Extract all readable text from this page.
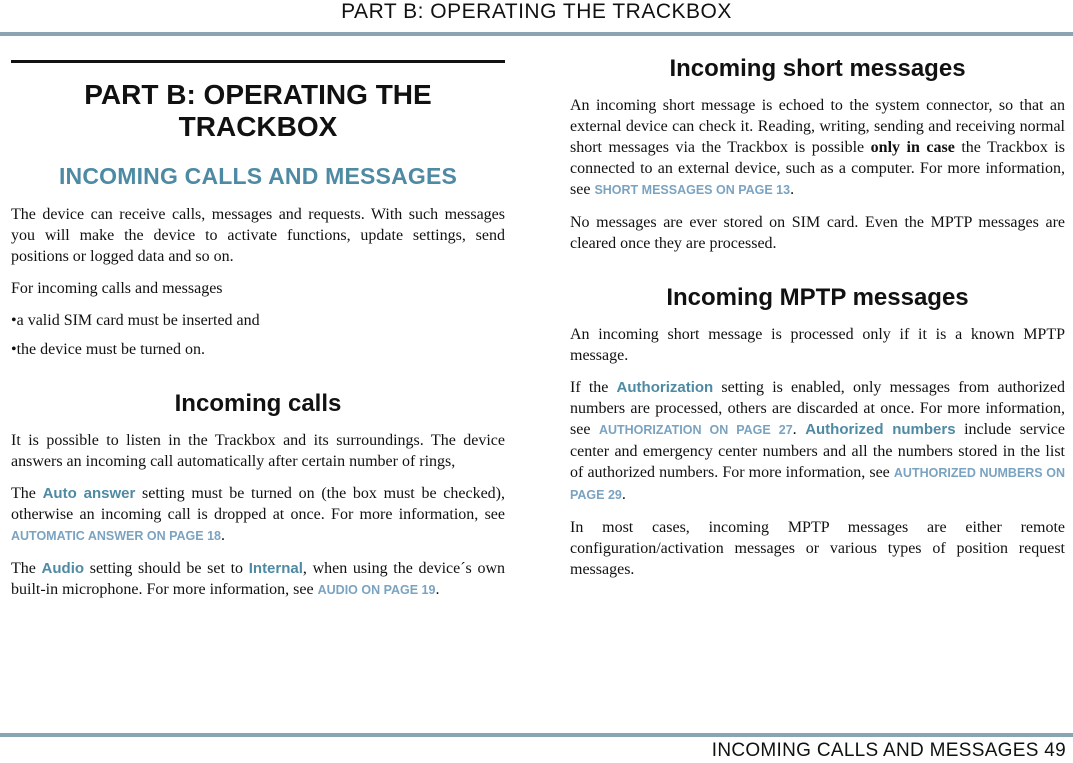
PART B: OPERATING THE TRACKBOX
PART B: OPERATING THE TRACKBOX
INCOMING CALLS AND MESSAGES

The device can receive calls, messages and requests. With such messages you will make the device to activate functions, update settings, send positions or logged data and so on.

For incoming calls and messages

•a valid SIM card must be inserted and

•the device must be turned on.

Incoming calls

It is possible to listen in the Trackbox and its surroundings. The device answers an incoming call automatically after certain number of rings,

The Auto answer setting must be turned on (the box must be checked), otherwise an incoming call is dropped at once. For more information, see AUTOMATIC ANSWER ON PAGE 18.

The Audio setting should be set to Internal, when using the device´s own built-in microphone. For more information, see AUDIO ON PAGE 19.

Incoming short messages

An incoming short message is echoed to the system connector, so that an external device can check it. Reading, writing, sending and receiving normal short messages via the Trackbox is possible only in case the Trackbox is connected to an external device, such as a computer. For more information, see SHORT MESSAGES ON PAGE 13.

No messages are ever stored on SIM card. Even the MPTP messages are cleared once they are processed.

Incoming MPTP messages

An incoming short message is processed only if it is a known MPTP message.

If the Authorization setting is enabled, only messages from authorized numbers are processed, others are discarded at once. For more information, see AUTHORIZATION ON PAGE 27. Authorized numbers include service center and emergency center numbers and all the numbers stored in the list of authorized numbers. For more information, see AUTHORIZED NUMBERS ON PAGE 29.

In most cases, incoming MPTP messages are either remote configuration/activation messages or various types of position request messages.

INCOMING CALLS AND MESSAGES 49
